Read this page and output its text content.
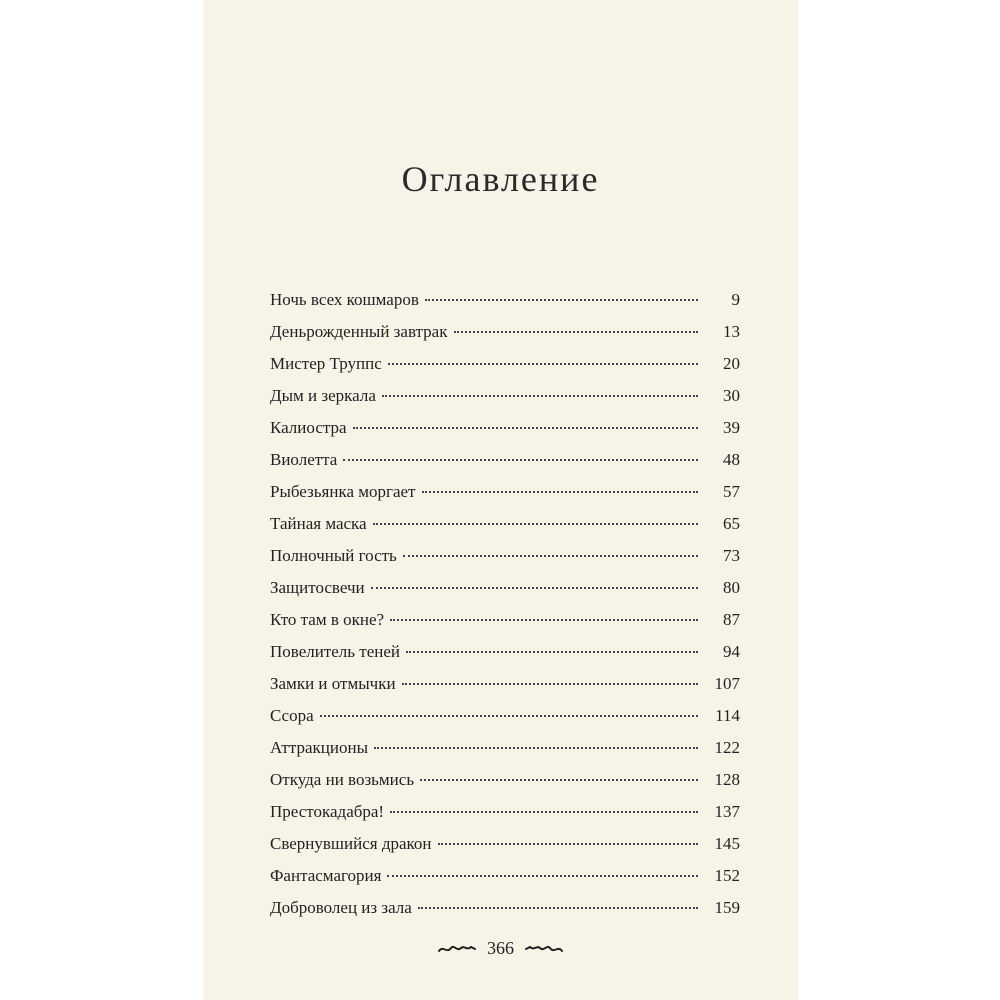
Оглавление
Ночь всех кошмаров	9
Деньрожденный завтрак	13
Мистер Труппс	20
Дым и зеркала	30
Калиостра	39
Виолетта	48
Рыбезьянка моргает	57
Тайная маска	65
Полночный гость	73
Защитосвечи	80
Кто там в окне?	87
Повелитель теней	94
Замки и отмычки	107
Ссора	114
Аттракционы	122
Откуда ни возьмись	128
Престокадабра!	137
Свернувшийся дракон	145
Фантасмагория	152
Доброволец из зала	159
366
